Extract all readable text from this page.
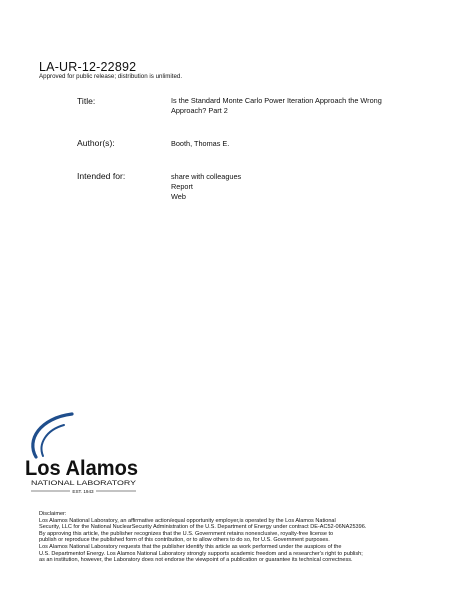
LA-UR-12-22892
Approved for public release; distribution is unlimited.
Title:	Is the Standard Monte Carlo Power Iteration Approach the Wrong
Approach? Part 2
Author(s):	Booth, Thomas E.
Intended for:	share with colleagues
Report
Web
Los Alamos
NATIONAL LABORATORY
EST. 1943
Disclaimer:
Los Alamos National Laboratory, an affirmative action/equal opportunity employer,is operated by the Los Alamos National
Security, LLC for the National NuclearSecurity Administration of the U.S. Department of Energy under contract DE-AC52-06NA25396.
By approving this article, the publisher recognizes that the U.S. Government retains nonexclusive, royalty-free license to
publish or reproduce the published form of this contribution, or to allow others to do so, for U.S. Government purposes.
Los Alamos National Laboratory requests that the publisher identify this article as work performed under the auspices of the
U.S. Departmentof Energy. Los Alamos National Laboratory strongly supports academic freedom and a researcher's right to publish;
as an institution, however, the Laboratory does not endorse the viewpoint of a publication or guarantee its technical correctness.
